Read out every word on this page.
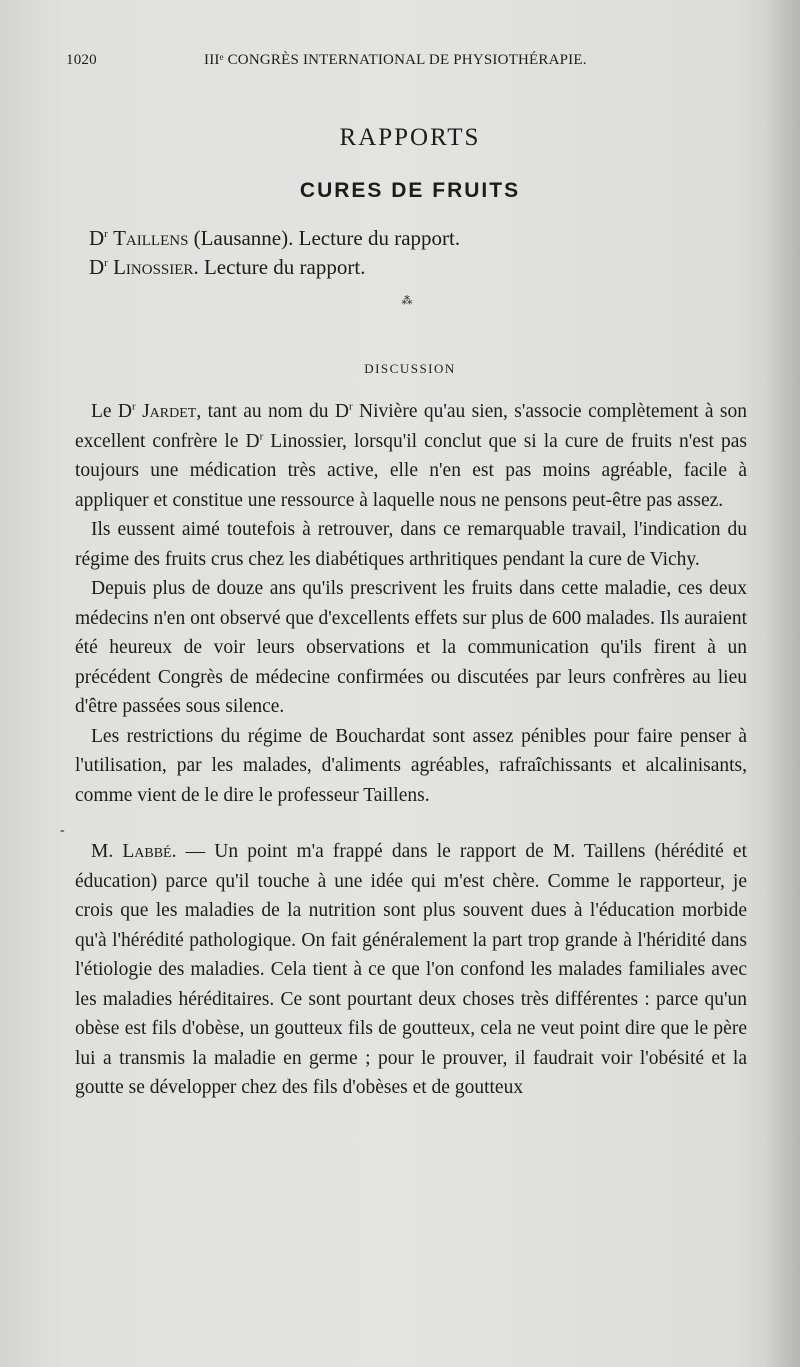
1020	IIIᵉ CONGRÈS INTERNATIONAL DE PHYSIOTHÉRAPIE.
RAPPORTS
CURES DE FRUITS
$D^r$ Taillens (Lausanne). Lecture du rapport.
$D^r$ Linossier. Lecture du rapport.
⁂
DISCUSSION
-

Le $D^r$ Jardet, tant au nom du $D^r$ Nivière qu'au sien, s'associe complètement à son excellent confrère le $D^r$ Linossier, lorsqu'il conclut que si la cure de fruits n'est pas toujours une médication très active, elle n'en est pas moins agréable, facile à appliquer et constitue une ressource à laquelle nous ne pensons peut-être pas assez.

Ils eussent aimé toutefois à retrouver, dans ce remarquable travail, l'indication du régime des fruits crus chez les diabétiques arthritiques pendant la cure de Vichy.

Depuis plus de douze ans qu'ils prescrivent les fruits dans cette maladie, ces deux médecins n'en ont observé que d'excellents effets sur plus de 600 malades. Ils auraient été heureux de voir leurs observations et la communication qu'ils firent à un précédent Congrès de médecine confirmées ou discutées par leurs confrères au lieu d'être passées sous silence.

Les restrictions du régime de Bouchardat sont assez pénibles pour faire penser à l'utilisation, par les malades, d'aliments agréables, rafraîchissants et alcalinisants, comme vient de le dire le professeur Taillens.

M. Labbé. — Un point m'a frappé dans le rapport de M. Taillens (hérédité et éducation) parce qu'il touche à une idée qui m'est chère. Comme le rapporteur, je crois que les maladies de la nutrition sont plus souvent dues à l'éducation morbide qu'à l'hérédité pathologique. On fait généralement la part trop grande à l'héridité dans l'étiologie des maladies. Cela tient à ce que l'on confond les malades familiales avec les maladies héréditaires. Ce sont pourtant deux choses très différentes : parce qu'un obèse est fils d'obèse, un goutteux fils de goutteux, cela ne veut point dire que le père lui a transmis la maladie en germe ; pour le prouver, il faudrait voir l'obésité et la goutte se développer chez des fils d'obèses et de goutteux
